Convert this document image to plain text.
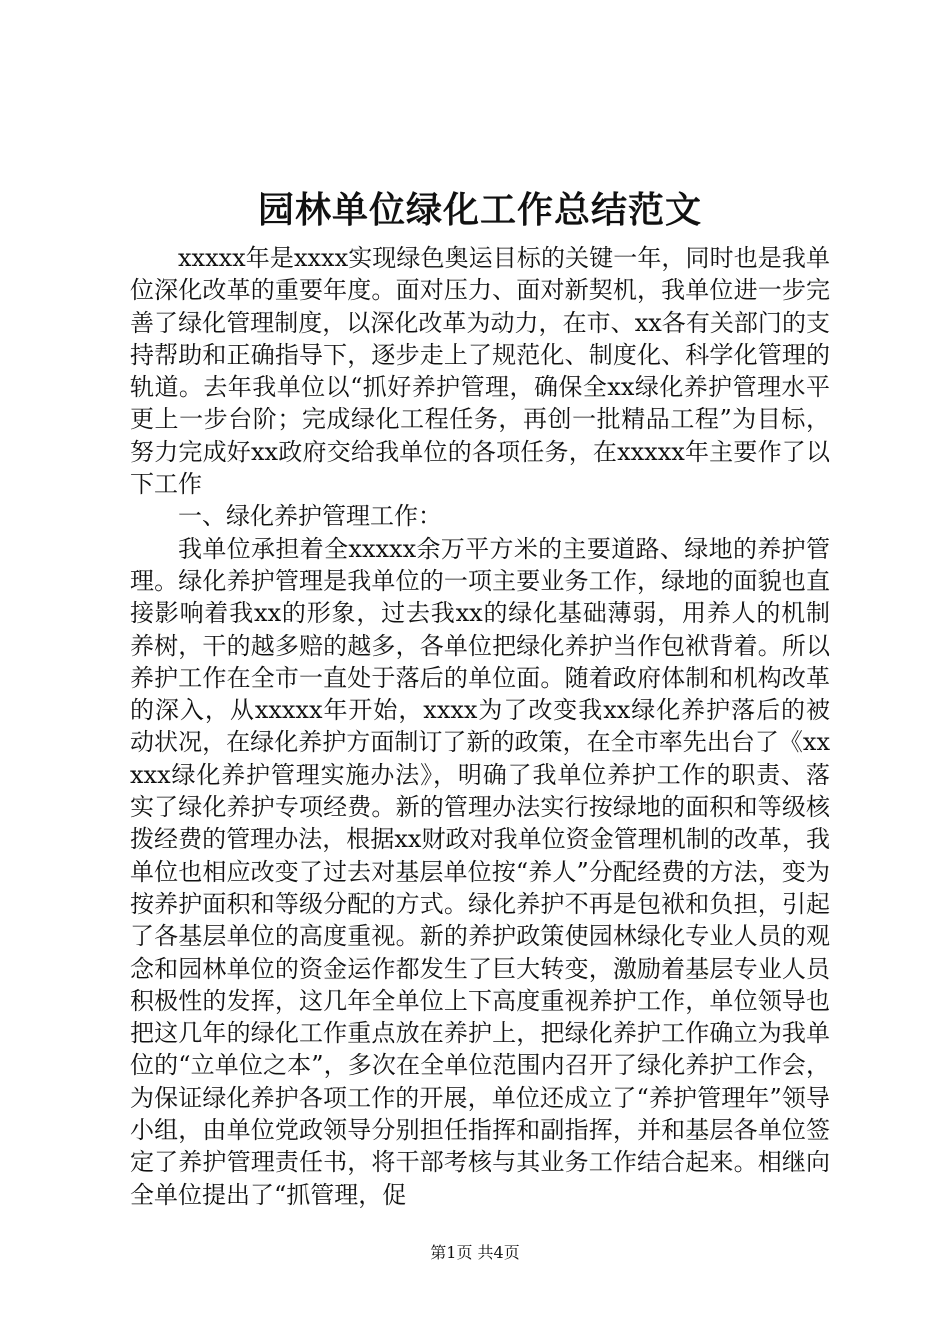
园林单位绿化工作总结范文

xxxxx年是xxxx实现绿色奥运目标的关键一年，同时也是我单位深化改革的重要年度。面对压力、面对新契机，我单位进一步完善了绿化管理制度，以深化改革为动力，在市、xx各有关部门的支持帮助和正确指导下，逐步走上了规范化、制度化、科学化管理的轨道。去年我单位以“抓好养护管理，确保全xx绿化养护管理水平更上一步台阶；完成绿化工程任务，再创一批精品工程”为目标，努力完成好xx政府交给我单位的各项任务，在xxxxx年主要作了以下工作

一、绿化养护管理工作：

我单位承担着全xxxxx余万平方米的主要道路、绿地的养护管理。绿化养护管理是我单位的一项主要业务工作，绿地的面貌也直接影响着我xx的形象，过去我xx的绿化基础薄弱，用养人的机制养树，干的越多赔的越多，各单位把绿化养护当作包袱背着。所以养护工作在全市一直处于落后的单位面。随着政府体制和机构改革的深入，从xxxxx年开始，xxxx为了改变我xx绿化养护落后的被动状况，在绿化养护方面制订了新的政策，在全市率先出台了《xxxxx绿化养护管理实施办法》，明确了我单位养护工作的职责、落实了绿化养护专项经费。新的管理办法实行按绿地的面积和等级核拨经费的管理办法，根据xx财政对我单位资金管理机制的改革，我单位也相应改变了过去对基层单位按“养人”分配经费的方法，变为按养护面积和等级分配的方式。绿化养护不再是包袱和负担，引起了各基层单位的高度重视。新的养护政策使园林绿化专业人员的观念和园林单位的资金运作都发生了巨大转变，激励着基层专业人员积极性的发挥，这几年全单位上下高度重视养护工作，单位领导也把这几年的绿化工作重点放在养护上，把绿化养护工作确立为我单位的“立单位之本”，多次在全单位范围内召开了绿化养护工作会，为保证绿化养护各项工作的开展，单位还成立了“养护管理年”领导小组，由单位党政领导分别担任指挥和副指挥，并和基层各单位签定了养护管理责任书，将干部考核与其业务工作结合起来。相继向全单位提出了“抓管理，促

第1页 共4页
